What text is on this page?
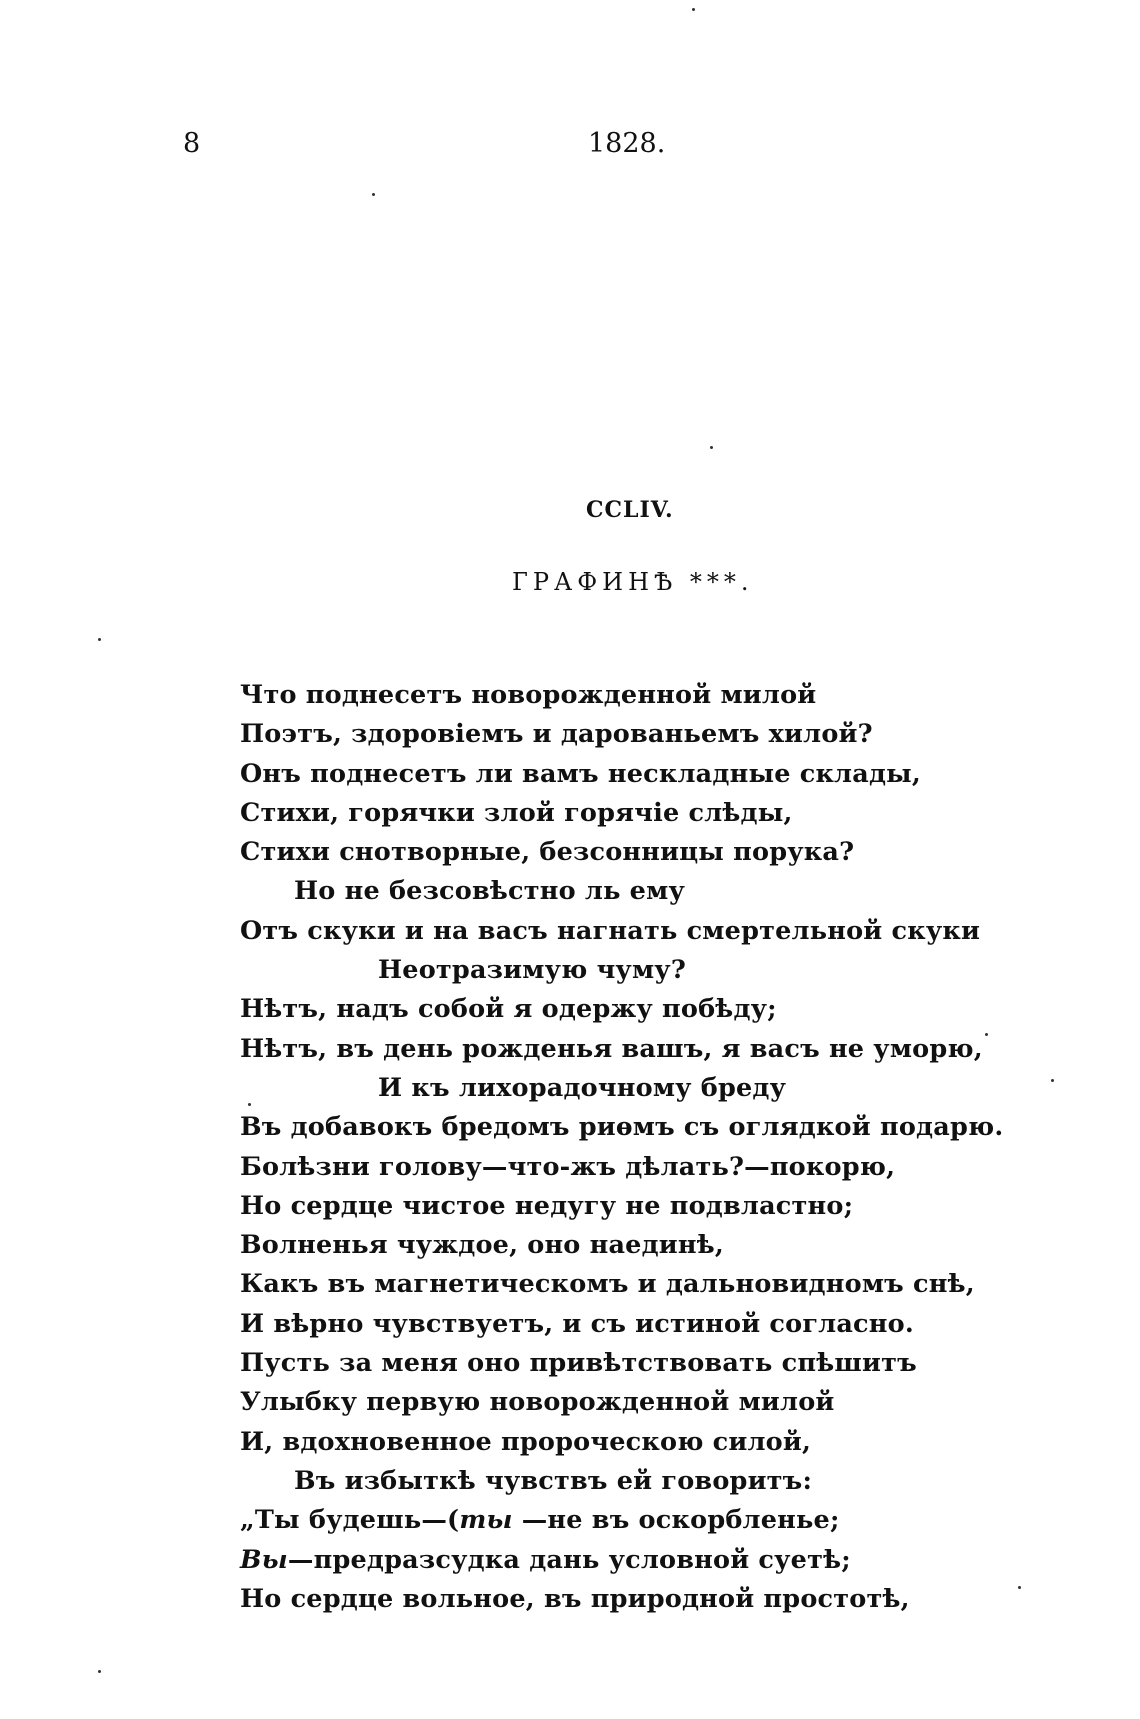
8	1828.
CCLIV.
ГРАФИНѢ ***.
Что поднесетъ новорожденной милой
Поэтъ, здоровіемъ и дарованьемъ хилой?
Онъ поднесетъ ли вамъ нескладные склады,
Стихи, горячки злой горячіе слѣды,
Стихи снотворные, безсонницы порука?
Но не безсовѣстно ль ему
Отъ скуки и на васъ нагнать смертельной скуки
Неотразимую чуму?
Нѣтъ, надъ собой я одержу побѣду;
Нѣтъ, въ день рожденья вашъ, я васъ не уморю,
И къ лихорадочному бреду
Въ добавокъ бредомъ риѳмъ съ оглядкой подарю.
Болѣзни голову—что-жъ дѣлать?—покорю,
Но сердце чистое недугу не подвластно;
Волненья чуждое, оно наединѣ,
Какъ въ магнетическомъ и дальновидномъ снѣ,
И вѣрно чувствуетъ, и съ истиной согласно.
Пусть за меня оно привѣтствовать спѣшитъ
Улыбку первую новорожденной милой
И, вдохновенное пророческою силой,
Въ избыткѣ чувствъ ей говоритъ:
„Ты будешь—(ты —не въ оскорбленье;
Вы—предразсудка дань условной суетѣ;
Но сердце вольное, въ природной простотѣ,
